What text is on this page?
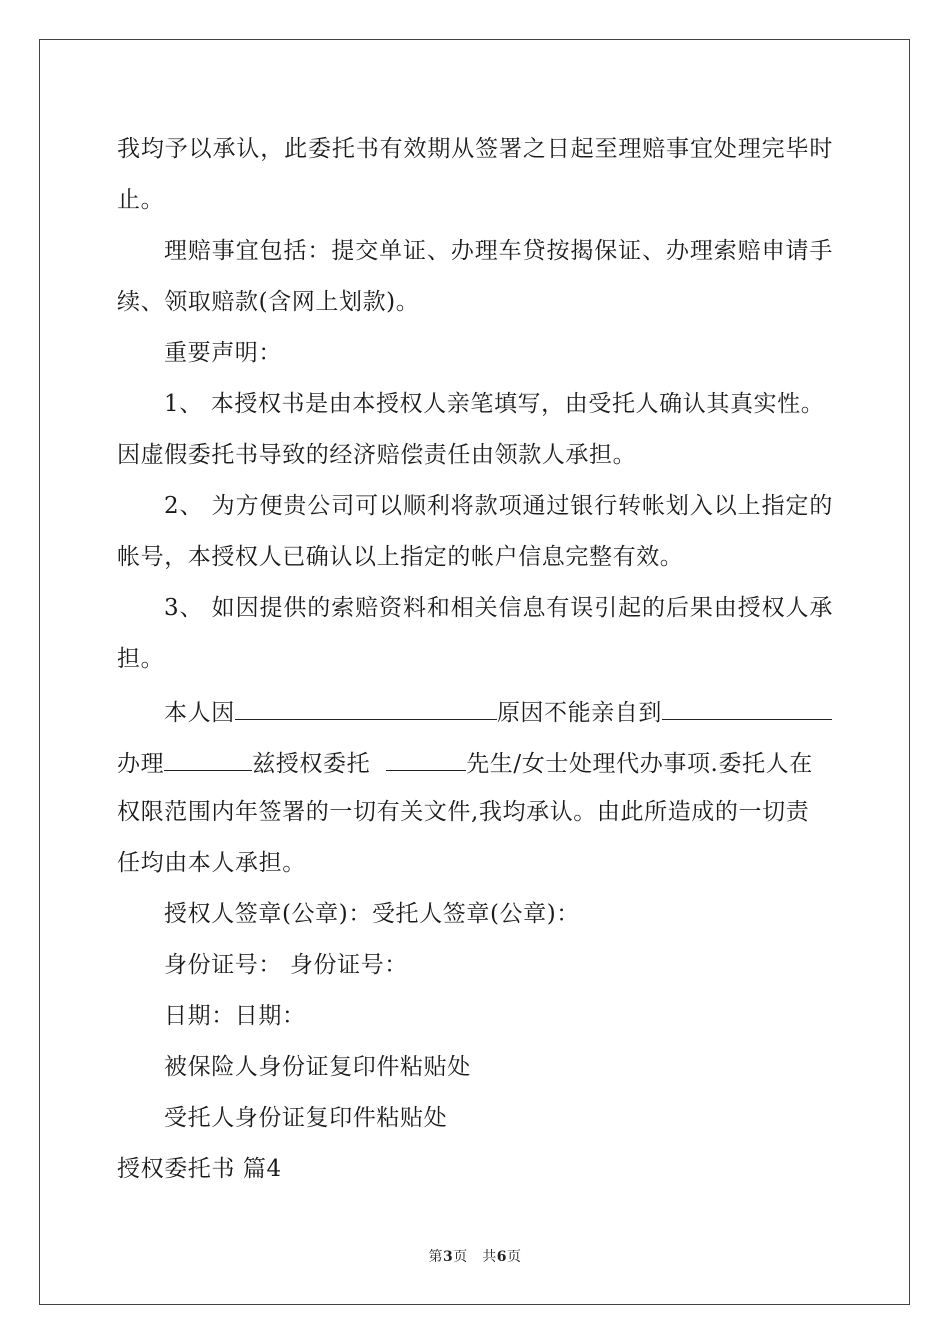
我均予以承认，此委托书有效期从签署之日起至理赔事宜处理完毕时
止。
理赔事宜包括：提交单证、办理车贷按揭保证、办理索赔申请手
续、领取赔款(含网上划款)。
重要声明：
1、 本授权书是由本授权人亲笔填写，由受托人确认其真实性。
因虚假委托书导致的经济赔偿责任由领款人承担。
2、 为方便贵公司可以顺利将款项通过银行转帐划入以上指定的
帐号，本授权人已确认以上指定的帐户信息完整有效。
3、 如因提供的索赔资料和相关信息有误引起的后果由授权人承
担。
本人因	原因不能亲自到
办理	兹授权委托	先生/女士处理代办事项.委托人在
权限范围内年签署的一切有关文件,我均承认。由此所造成的一切责
任均由本人承担。
授权人签章(公章)：受托人签章(公章)：
身份证号： 身份证号：
日期：日期：
被保险人身份证复印件粘贴处
受托人身份证复印件粘贴处
授权委托书 篇4
第3页　共6页
